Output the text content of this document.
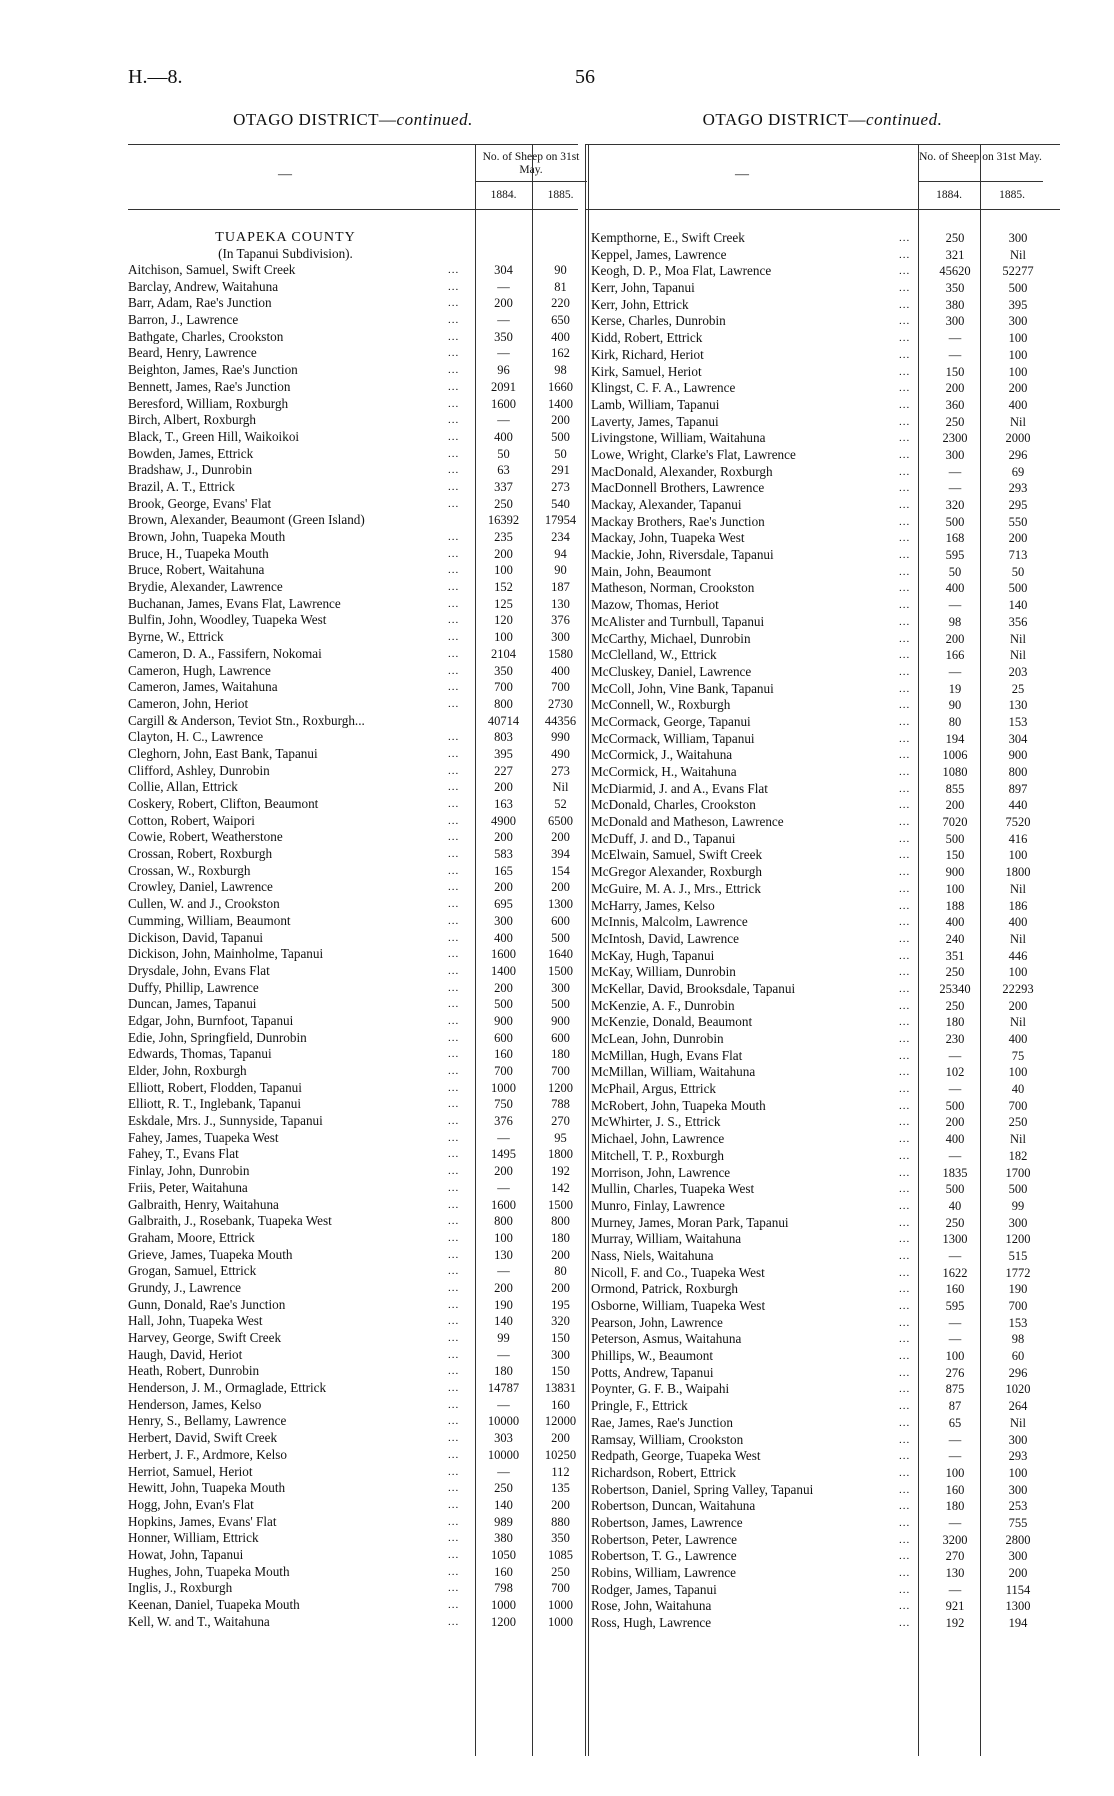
H.—8.	56
OTAGO DISTRICT—continued.
—
No. of Sheep on 31st May.
1884.	1885.
TUAPEKA COUNTY
(In Tapanui Subdivision).
Aitchison, Samuel, Swift Creek	...	304	90
Barclay, Andrew, Waitahuna	...	—	81
Barr, Adam, Rae's Junction	...	200	220
Barron, J., Lawrence	...	—	650
Bathgate, Charles, Crookston	...	350	400
Beard, Henry, Lawrence	...	—	162
Beighton, James, Rae's Junction	...	96	98
Bennett, James, Rae's Junction	...	2091	1660
Beresford, William, Roxburgh	...	1600	1400
Birch, Albert, Roxburgh	...	—	200
Black, T., Green Hill, Waikoikoi	...	400	500
Bowden, James, Ettrick	...	50	50
Bradshaw, J., Dunrobin	...	63	291
Brazil, A. T., Ettrick	...	337	273
Brook, George, Evans' Flat	...	250	540
Brown, Alexander, Beaumont (Green Island)	16392	17954
Brown, John, Tuapeka Mouth	...	235	234
Bruce, H., Tuapeka Mouth	...	200	94
Bruce, Robert, Waitahuna	...	100	90
Brydie, Alexander, Lawrence	...	152	187
Buchanan, James, Evans Flat, Lawrence	...	125	130
Bulfin, John, Woodley, Tuapeka West	...	120	376
Byrne, W., Ettrick	...	100	300
Cameron, D. A., Fassifern, Nokomai	...	2104	1580
Cameron, Hugh, Lawrence	...	350	400
Cameron, James, Waitahuna	...	700	700
Cameron, John, Heriot	...	800	2730
Cargill & Anderson, Teviot Stn., Roxburgh...	40714	44356
Clayton, H. C., Lawrence	...	803	990
Cleghorn, John, East Bank, Tapanui	...	395	490
Clifford, Ashley, Dunrobin	...	227	273
Collie, Allan, Ettrick	...	200	Nil
Coskery, Robert, Clifton, Beaumont	...	163	52
Cotton, Robert, Waipori	...	4900	6500
Cowie, Robert, Weatherstone	...	200	200
Crossan, Robert, Roxburgh	...	583	394
Crossan, W., Roxburgh	...	165	154
Crowley, Daniel, Lawrence	...	200	200
Cullen, W. and J., Crookston	...	695	1300
Cumming, William, Beaumont	...	300	600
Dickison, David, Tapanui	...	400	500
Dickison, John, Mainholme, Tapanui	...	1600	1640
Drysdale, John, Evans Flat	...	1400	1500
Duffy, Phillip, Lawrence	...	200	300
Duncan, James, Tapanui	...	500	500
Edgar, John, Burnfoot, Tapanui	...	900	900
Edie, John, Springfield, Dunrobin	...	600	600
Edwards, Thomas, Tapanui	...	160	180
Elder, John, Roxburgh	...	700	700
Elliott, Robert, Flodden, Tapanui	...	1000	1200
Elliott, R. T., Inglebank, Tapanui	...	750	788
Eskdale, Mrs. J., Sunnyside, Tapanui	...	376	270
Fahey, James, Tuapeka West	...	—	95
Fahey, T., Evans Flat	...	1495	1800
Finlay, John, Dunrobin	...	200	192
Friis, Peter, Waitahuna	...	—	142
Galbraith, Henry, Waitahuna	...	1600	1500
Galbraith, J., Rosebank, Tuapeka West	...	800	800
Graham, Moore, Ettrick	...	100	180
Grieve, James, Tuapeka Mouth	...	130	200
Grogan, Samuel, Ettrick	...	—	80
Grundy, J., Lawrence	...	200	200
Gunn, Donald, Rae's Junction	...	190	195
Hall, John, Tuapeka West	...	140	320
Harvey, George, Swift Creek	...	99	150
Haugh, David, Heriot	...	—	300
Heath, Robert, Dunrobin	...	180	150
Henderson, J. M., Ormaglade, Ettrick	...	14787	13831
Henderson, James, Kelso	...	—	160
Henry, S., Bellamy, Lawrence	...	10000	12000
Herbert, David, Swift Creek	...	303	200
Herbert, J. F., Ardmore, Kelso	...	10000	10250
Herriot, Samuel, Heriot	...	—	112
Hewitt, John, Tuapeka Mouth	...	250	135
Hogg, John, Evan's Flat	...	140	200
Hopkins, James, Evans' Flat	...	989	880
Honner, William, Ettrick	...	380	350
Howat, John, Tapanui	...	1050	1085
Hughes, John, Tuapeka Mouth	...	160	250
Inglis, J., Roxburgh	...	798	700
Keenan, Daniel, Tuapeka Mouth	...	1000	1000
Kell, W. and T., Waitahuna	...	1200	1000
OTAGO DISTRICT—continued.
—
No. of Sheep on 31st May.
1884.	1885.
Kempthorne, E., Swift Creek	...	250	300
Keppel, James, Lawrence	...	321	Nil
Keogh, D. P., Moa Flat, Lawrence	...	45620	52277
Kerr, John, Tapanui	...	350	500
Kerr, John, Ettrick	...	380	395
Kerse, Charles, Dunrobin	...	300	300
Kidd, Robert, Ettrick	...	—	100
Kirk, Richard, Heriot	...	—	100
Kirk, Samuel, Heriot	...	150	100
Klingst, C. F. A., Lawrence	...	200	200
Lamb, William, Tapanui	...	360	400
Laverty, James, Tapanui	...	250	Nil
Livingstone, William, Waitahuna	...	2300	2000
Lowe, Wright, Clarke's Flat, Lawrence	...	300	296
MacDonald, Alexander, Roxburgh	...	—	69
MacDonnell Brothers, Lawrence	...	—	293
Mackay, Alexander, Tapanui	...	320	295
Mackay Brothers, Rae's Junction	...	500	550
Mackay, John, Tuapeka West	...	168	200
Mackie, John, Riversdale, Tapanui	...	595	713
Main, John, Beaumont	...	50	50
Matheson, Norman, Crookston	...	400	500
Mazow, Thomas, Heriot	...	—	140
McAlister and Turnbull, Tapanui	...	98	356
McCarthy, Michael, Dunrobin	...	200	Nil
McClelland, W., Ettrick	...	166	Nil
McCluskey, Daniel, Lawrence	...	—	203
McColl, John, Vine Bank, Tapanui	...	19	25
McConnell, W., Roxburgh	...	90	130
McCormack, George, Tapanui	...	80	153
McCormack, William, Tapanui	...	194	304
McCormick, J., Waitahuna	...	1006	900
McCormick, H., Waitahuna	...	1080	800
McDiarmid, J. and A., Evans Flat	...	855	897
McDonald, Charles, Crookston	...	200	440
McDonald and Matheson, Lawrence	...	7020	7520
McDuff, J. and D., Tapanui	...	500	416
McElwain, Samuel, Swift Creek	...	150	100
McGregor Alexander, Roxburgh	...	900	1800
McGuire, M. A. J., Mrs., Ettrick	...	100	Nil
McHarry, James, Kelso	...	188	186
McInnis, Malcolm, Lawrence	...	400	400
McIntosh, David, Lawrence	...	240	Nil
McKay, Hugh, Tapanui	...	351	446
McKay, William, Dunrobin	...	250	100
McKellar, David, Brooksdale, Tapanui	...	25340	22293
McKenzie, A. F., Dunrobin	...	250	200
McKenzie, Donald, Beaumont	...	180	Nil
McLean, John, Dunrobin	...	230	400
McMillan, Hugh, Evans Flat	...	—	75
McMillan, William, Waitahuna	...	102	100
McPhail, Argus, Ettrick	...	—	40
McRobert, John, Tuapeka Mouth	...	500	700
McWhirter, J. S., Ettrick	...	200	250
Michael, John, Lawrence	...	400	Nil
Mitchell, T. P., Roxburgh	...	—	182
Morrison, John, Lawrence	...	1835	1700
Mullin, Charles, Tuapeka West	...	500	500
Munro, Finlay, Lawrence	...	40	99
Murney, James, Moran Park, Tapanui	...	250	300
Murray, William, Waitahuna	...	1300	1200
Nass, Niels, Waitahuna	...	—	515
Nicoll, F. and Co., Tuapeka West	...	1622	1772
Ormond, Patrick, Roxburgh	...	160	190
Osborne, William, Tuapeka West	...	595	700
Pearson, John, Lawrence	...	—	153
Peterson, Asmus, Waitahuna	...	—	98
Phillips, W., Beaumont	...	100	60
Potts, Andrew, Tapanui	...	276	296
Poynter, G. F. B., Waipahi	...	875	1020
Pringle, F., Ettrick	...	87	264
Rae, James, Rae's Junction	...	65	Nil
Ramsay, William, Crookston	...	—	300
Redpath, George, Tuapeka West	...	—	293
Richardson, Robert, Ettrick	...	100	100
Robertson, Daniel, Spring Valley, Tapanui	...	160	300
Robertson, Duncan, Waitahuna	...	180	253
Robertson, James, Lawrence	...	—	755
Robertson, Peter, Lawrence	...	3200	2800
Robertson, T. G., Lawrence	...	270	300
Robins, William, Lawrence	...	130	200
Rodger, James, Tapanui	...	—	1154
Rose, John, Waitahuna	...	921	1300
Ross, Hugh, Lawrence	...	192	194
